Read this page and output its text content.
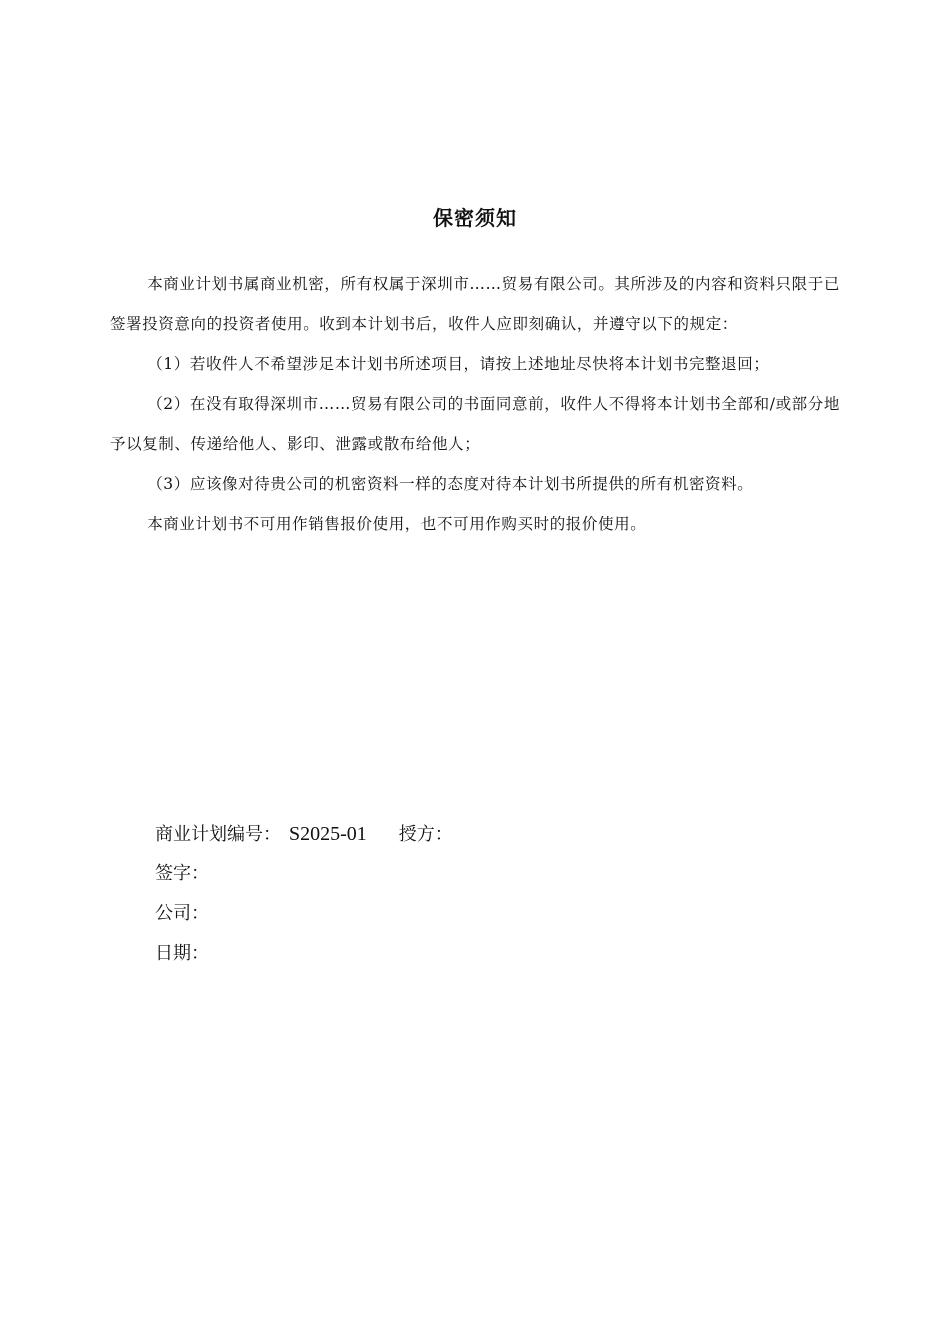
保密须知

本商业计划书属商业机密，所有权属于深圳市……贸易有限公司。其所涉及的内容和资料只限于已签署投资意向的投资者使用。收到本计划书后，收件人应即刻确认，并遵守以下的规定：

（1）若收件人不希望涉足本计划书所述项目，请按上述地址尽快将本计划书完整退回；

（2）在没有取得深圳市……贸易有限公司的书面同意前，收件人不得将本计划书全部和/或部分地予以复制、传递给他人、影印、泄露或散布给他人；

（3）应该像对待贵公司的机密资料一样的态度对待本计划书所提供的所有机密资料。

本商业计划书不可用作销售报价使用，也不可用作购买时的报价使用。

商业计划编号： S2025-01 授方：
签字：
公司：
日期：
